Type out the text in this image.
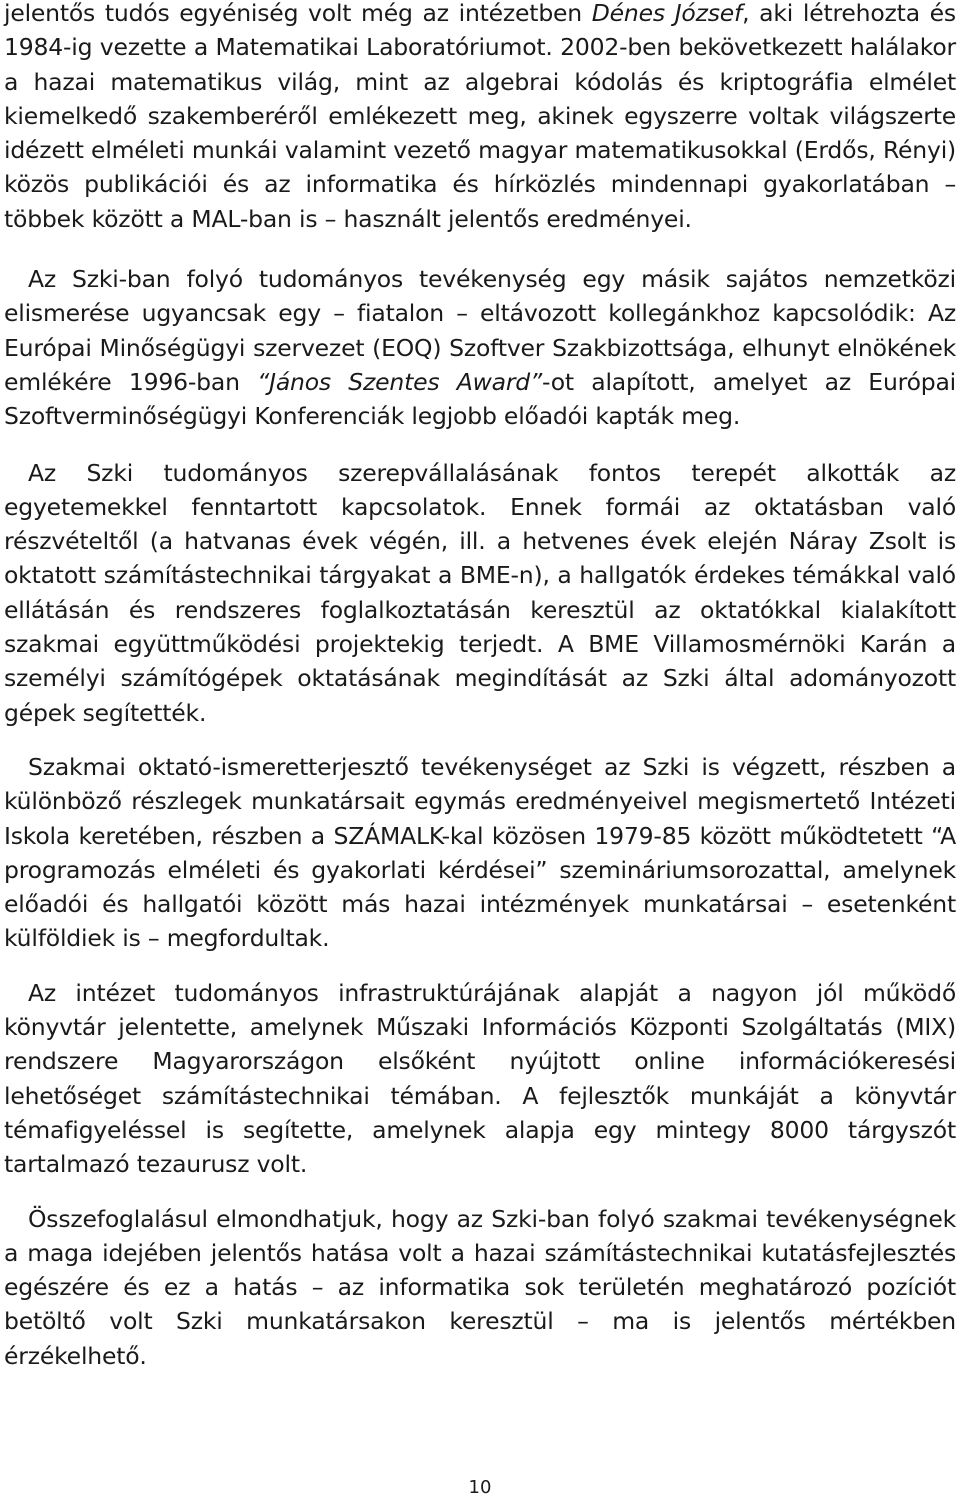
jelentős tudós egyéniség volt még az intézetben Dénes József, aki létrehozta és 1984-ig vezette a Matematikai Laboratóriumot. 2002-ben bekövetkezett halálakor a hazai matematikus világ, mint az algebrai kódolás és kriptográfia elmélet kiemelkedő szakemberéről emlékezett meg, akinek egyszerre voltak világszerte idézett elméleti munkái valamint vezető magyar matematikusokkal (Erdős, Rényi) közös publikációi és az informatika és hírközlés mindennapi gyakorlatában – többek között a MAL-ban is – használt jelentős eredményei.

Az Szki-ban folyó tudományos tevékenység egy másik sajátos nemzetközi elismerése ugyancsak egy – fiatalon – eltávozott kollegánkhoz kapcsolódik: Az Európai Minőségügyi szervezet (EOQ) Szoftver Szakbizottsága, elhunyt elnökének emlékére 1996-ban “János Szentes Award”-ot alapított, amelyet az Európai Szoftverminőségügyi Konferenciák legjobb előadói kapták meg.

Az Szki tudományos szerepvállalásának fontos terepét alkották az egyetemekkel fenntartott kapcsolatok. Ennek formái az oktatásban való részvételtől (a hatvanas évek végén, ill. a hetvenes évek elején Náray Zsolt is oktatott számítástechnikai tárgyakat a BME-n), a hallgatók érdekes témákkal való ellátásán és rendszeres foglalkoztatásán keresztül az oktatókkal kialakított szakmai együttműködési projektekig terjedt. A BME Villamosmérnöki Karán a személyi számítógépek oktatásának megindítását az Szki által adományozott gépek segítették.

Szakmai oktató-ismeretterjesztő tevékenységet az Szki is végzett, részben a különböző részlegek munkatársait egymás eredményeivel megismertető Intézeti Iskola keretében, részben a SZÁMALK-kal közösen 1979-85 között működtetett “A programozás elméleti és gyakorlati kérdései” szemináriumsorozattal, amelynek előadói és hallgatói között más hazai intézmények munkatársai – esetenként külföldiek is – megfordultak.

Az intézet tudományos infrastruktúrájának alapját a nagyon jól működő könyvtár jelentette, amelynek Műszaki Információs Központi Szolgáltatás (MIX) rendszere Magyarországon elsőként nyújtott online információkeresési lehetőséget számítástechnikai témában. A fejlesztők munkáját a könyvtár témafigyeléssel is segítette, amelynek alapja egy mintegy 8000 tárgyszót tartalmazó tezaurusz volt.

Összefoglalásul elmondhatjuk, hogy az Szki-ban folyó szakmai tevékenységnek a maga idejében jelentős hatása volt a hazai számítástechnikai kutatásfejlesztés egészére és ez a hatás – az informatika sok területén meghatározó pozíciót betöltő volt Szki munkatársakon keresztül – ma is jelentős mértékben érzékelhető.

10
